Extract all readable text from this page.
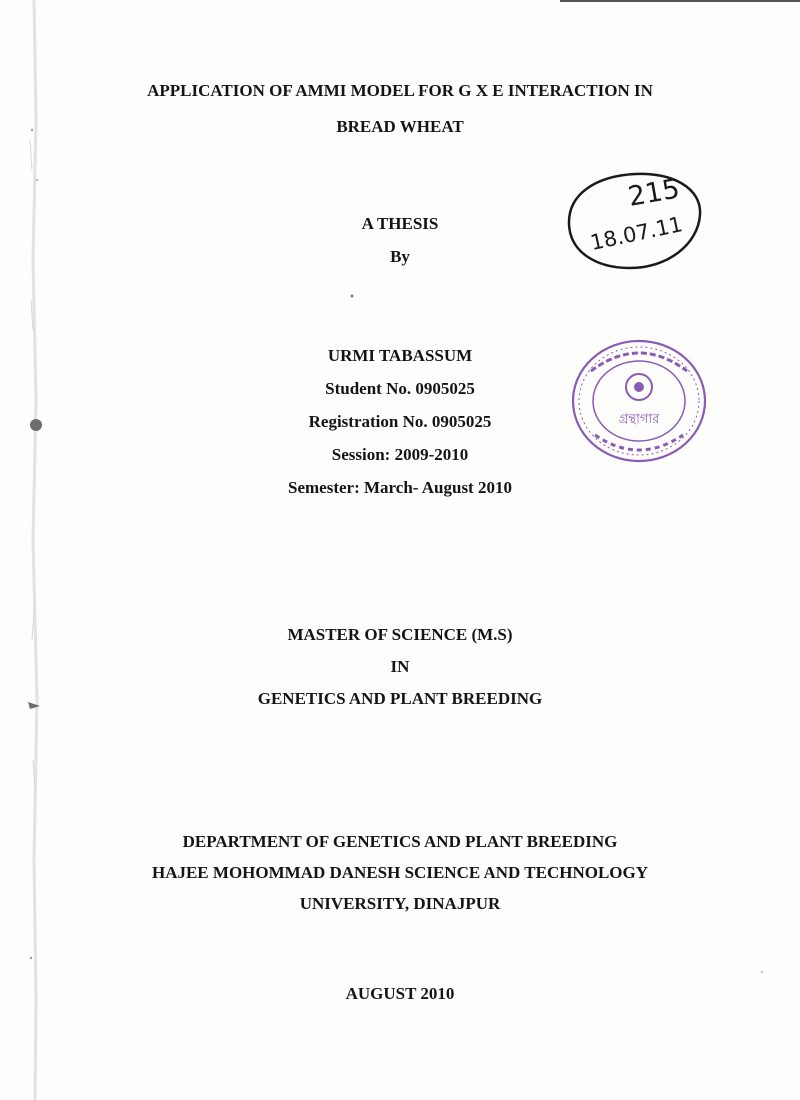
APPLICATION OF AMMI MODEL FOR G X E INTERACTION IN
BREAD WHEAT
A THESIS
By
URMI TABASSUM
Student No. 0905025
Registration No. 0905025
Session: 2009-2010
Semester: March- August 2010
MASTER OF SCIENCE (M.S)
IN
GENETICS AND PLANT BREEDING
DEPARTMENT OF GENETICS AND PLANT BREEDING
HAJEE MOHOMMAD DANESH SCIENCE AND TECHNOLOGY
UNIVERSITY, DINAJPUR
AUGUST 2010
215
18.07.11
গ্রন্থাগার
